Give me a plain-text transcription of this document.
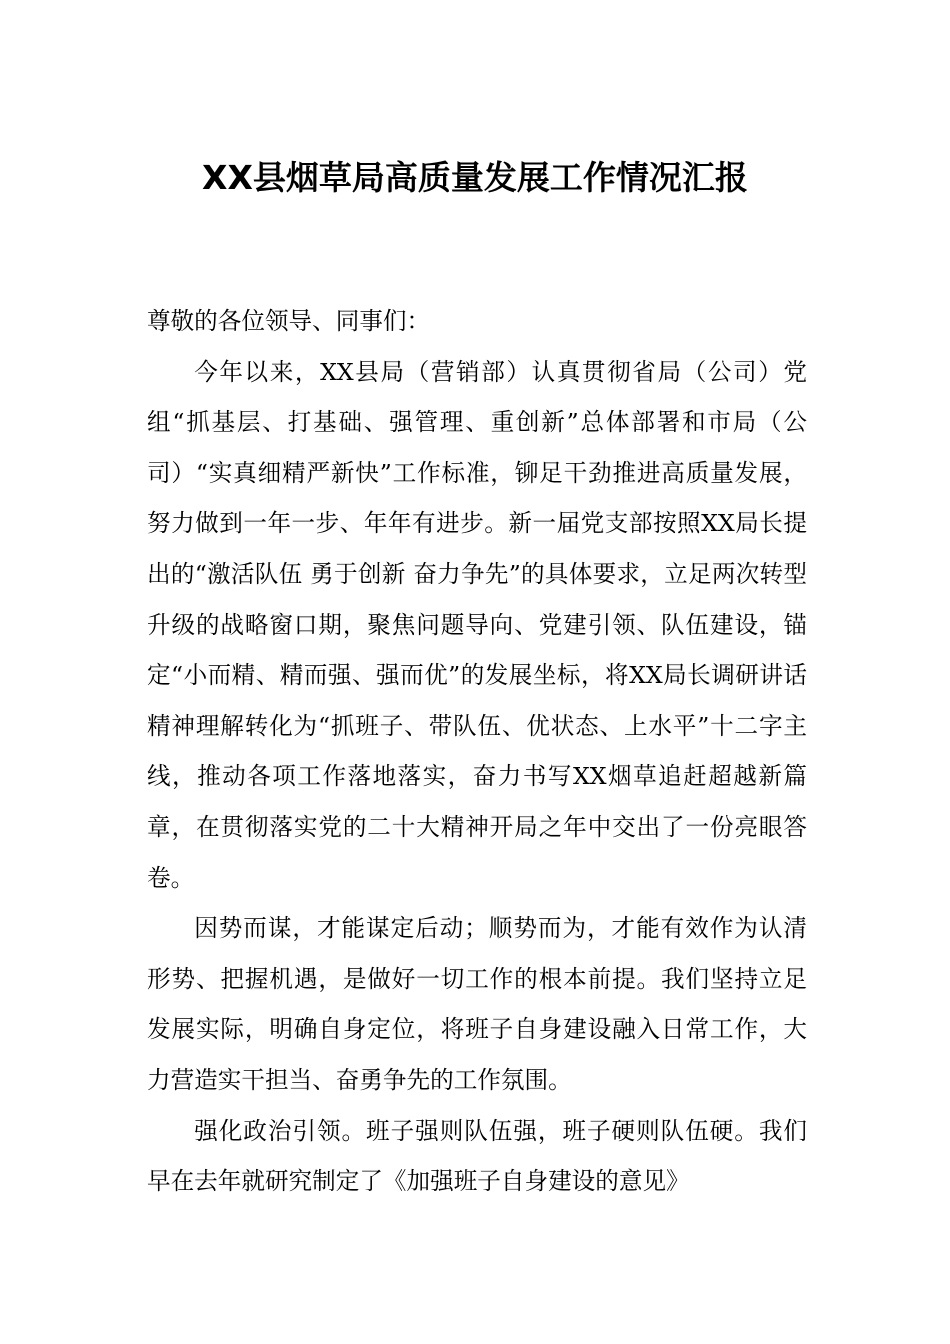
XX县烟草局高质量发展工作情况汇报

尊敬的各位领导、同事们：

今年以来，XX县局（营销部）认真贯彻省局（公司）党组“抓基层、打基础、强管理、重创新”总体部署和市局（公司）“实真细精严新快”工作标准，铆足干劲推进高质量发展，努力做到一年一步、年年有进步。新一届党支部按照XX局长提出的“激活队伍 勇于创新 奋力争先”的具体要求，立足两次转型升级的战略窗口期，聚焦问题导向、党建引领、队伍建设，锚定“小而精、精而强、强而优”的发展坐标，将XX局长调研讲话精神理解转化为“抓班子、带队伍、优状态、上水平”十二字主线，推动各项工作落地落实，奋力书写XX烟草追赶超越新篇章，在贯彻落实党的二十大精神开局之年中交出了一份亮眼答卷。

因势而谋，才能谋定后动；顺势而为，才能有效作为认清形势、把握机遇，是做好一切工作的根本前提。我们坚持立足发展实际，明确自身定位，将班子自身建设融入日常工作，大力营造实干担当、奋勇争先的工作氛围。

强化政治引领。班子强则队伍强，班子硬则队伍硬。我们早在去年就研究制定了《加强班子自身建设的意见》
